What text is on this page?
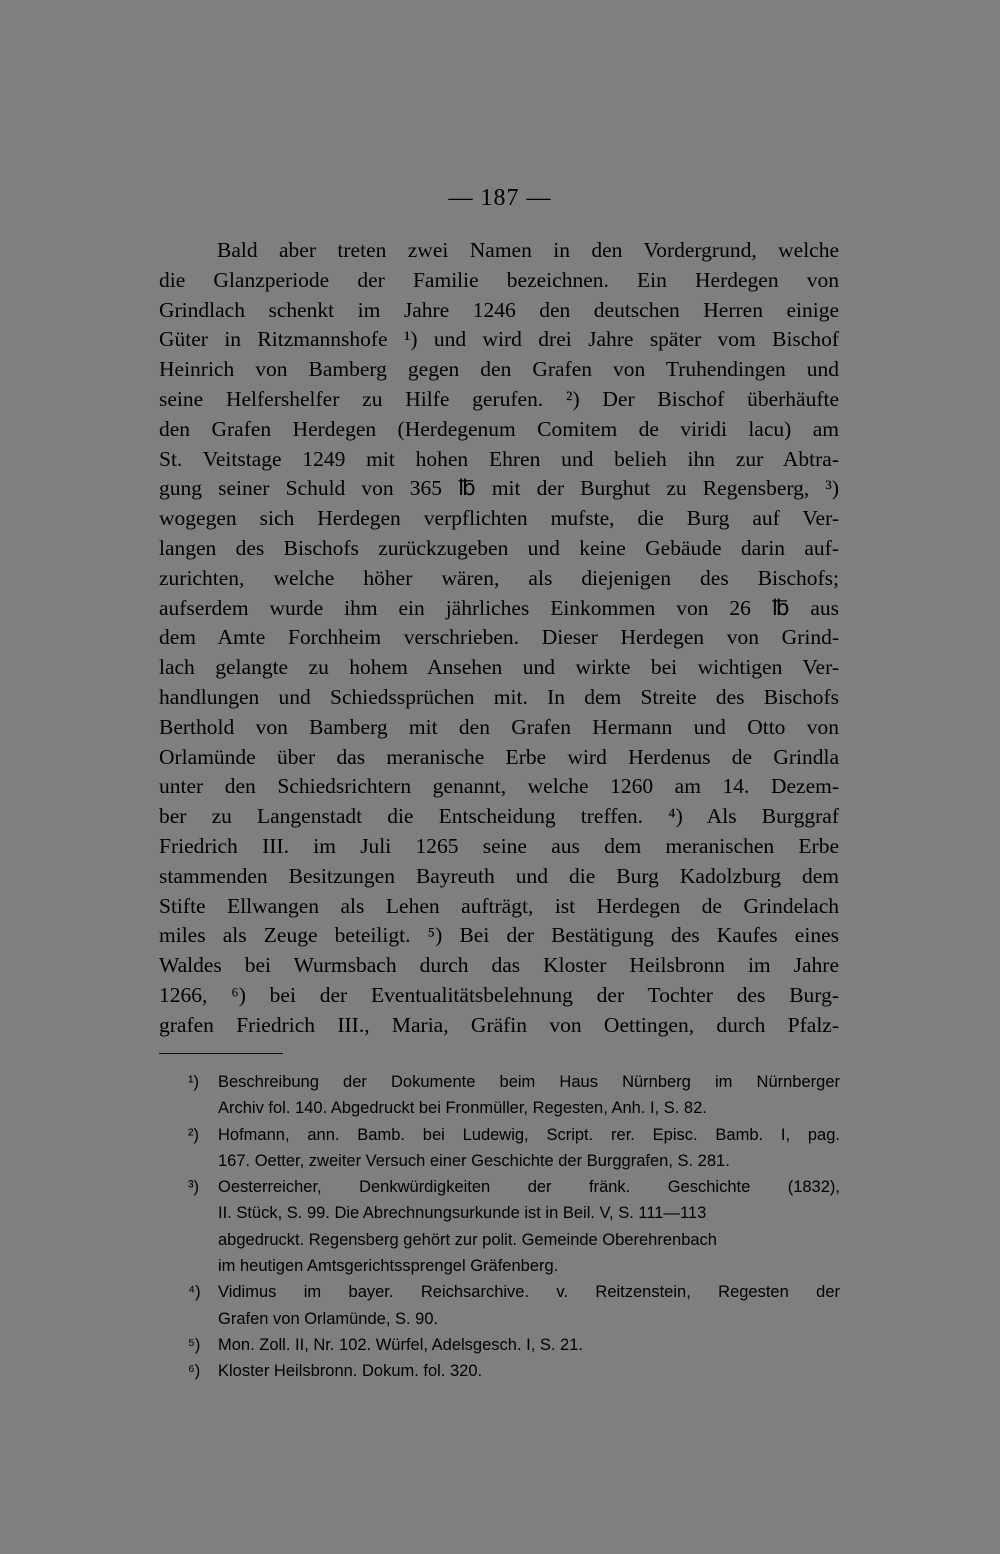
— 187 —
Bald aber treten zwei Namen in den Vordergrund, welche
die Glanzperiode der Familie bezeichnen. Ein Herdegen von
Grindlach schenkt im Jahre 1246 den deutschen Herren einige
Güter in Ritzmannshofe ¹) und wird drei Jahre später vom Bischof
Heinrich von Bamberg gegen den Grafen von Truhendingen und
seine Helfershelfer zu Hilfe gerufen. ²) Der Bischof überhäufte
den Grafen Herdegen (Herdegenum Comitem de viridi lacu) am
St. Veitstage 1249 mit hohen Ehren und belieh ihn zur Abtra-
gung seiner Schuld von 365 ℔ mit der Burghut zu Regensberg, ³)
wogegen sich Herdegen verpflichten mufste, die Burg auf Ver-
langen des Bischofs zurückzugeben und keine Gebäude darin auf-
zurichten, welche höher wären, als diejenigen des Bischofs;
aufserdem wurde ihm ein jährliches Einkommen von 26 ℔ aus
dem Amte Forchheim verschrieben. Dieser Herdegen von Grind-
lach gelangte zu hohem Ansehen und wirkte bei wichtigen Ver-
handlungen und Schiedssprüchen mit. In dem Streite des Bischofs
Berthold von Bamberg mit den Grafen Hermann und Otto von
Orlamünde über das meranische Erbe wird Herdenus de Grindla
unter den Schiedsrichtern genannt, welche 1260 am 14. Dezem-
ber zu Langenstadt die Entscheidung treffen. ⁴) Als Burggraf
Friedrich III. im Juli 1265 seine aus dem meranischen Erbe
stammenden Besitzungen Bayreuth und die Burg Kadolzburg dem
Stifte Ellwangen als Lehen aufträgt, ist Herdegen de Grindelach
miles als Zeuge beteiligt. ⁵) Bei der Bestätigung des Kaufes eines
Waldes bei Wurmsbach durch das Kloster Heilsbronn im Jahre
1266, ⁶) bei der Eventualitätsbelehnung der Tochter des Burg-
grafen Friedrich III., Maria, Gräfin von Oettingen, durch Pfalz-
¹) Beschreibung der Dokumente beim Haus Nürnberg im Nürnberger
Archiv fol. 140. Abgedruckt bei Fronmüller, Regesten, Anh. I, S. 82.
²) Hofmann, ann. Bamb. bei Ludewig, Script. rer. Episc. Bamb. I, pag.
167. Oetter, zweiter Versuch einer Geschichte der Burggrafen, S. 281.
³) Oesterreicher, Denkwürdigkeiten der fränk. Geschichte (1832),
II. Stück, S. 99. Die Abrechnungsurkunde ist in Beil. V, S. 111—113
abgedruckt. Regensberg gehört zur polit. Gemeinde Oberehrenbach
im heutigen Amtsgerichtssprengel Gräfenberg.
⁴) Vidimus im bayer. Reichsarchive. v. Reitzenstein, Regesten der
Grafen von Orlamünde, S. 90.
⁵) Mon. Zoll. II, Nr. 102. Würfel, Adelsgesch. I, S. 21.
⁶) Kloster Heilsbronn. Dokum. fol. 320.
